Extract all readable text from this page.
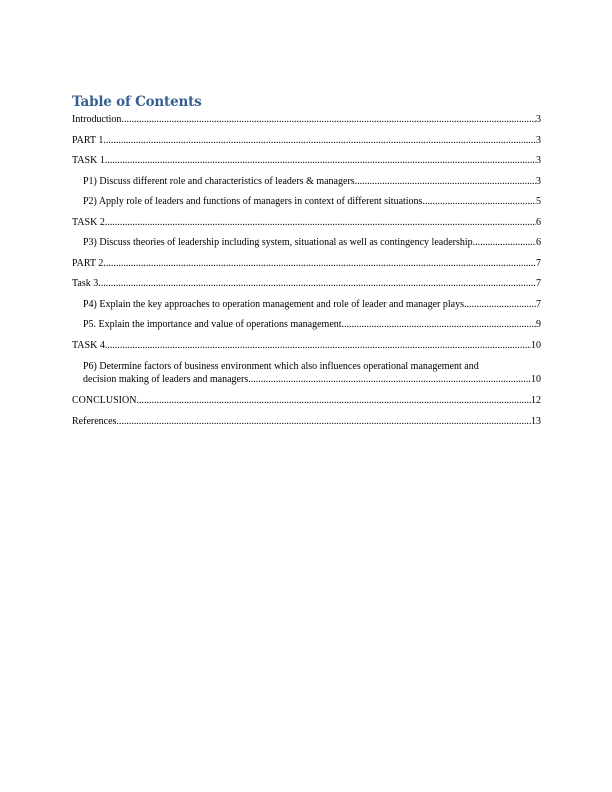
Table of Contents
Introduction .....	3
PART 1 .....	3
TASK 1 .....	3
P1) Discuss different role and characteristics of leaders & managers .....	3
P2) Apply role of leaders and functions of managers in context of different situations .....	5
TASK 2 .....	6
P3) Discuss theories of leadership including system, situational as well as contingency leadership .....	6
PART 2 .....	7
Task 3 .....	7
P4) Explain the key approaches to operation management and role of leader and manager plays .....	7
P5. Explain the importance and value of operations management .....	9
TASK 4 .....	10
P6) Determine factors of business environment which also influences operational management and
decision making of leaders and managers .....	10
CONCLUSION .....	12
References .....	13
